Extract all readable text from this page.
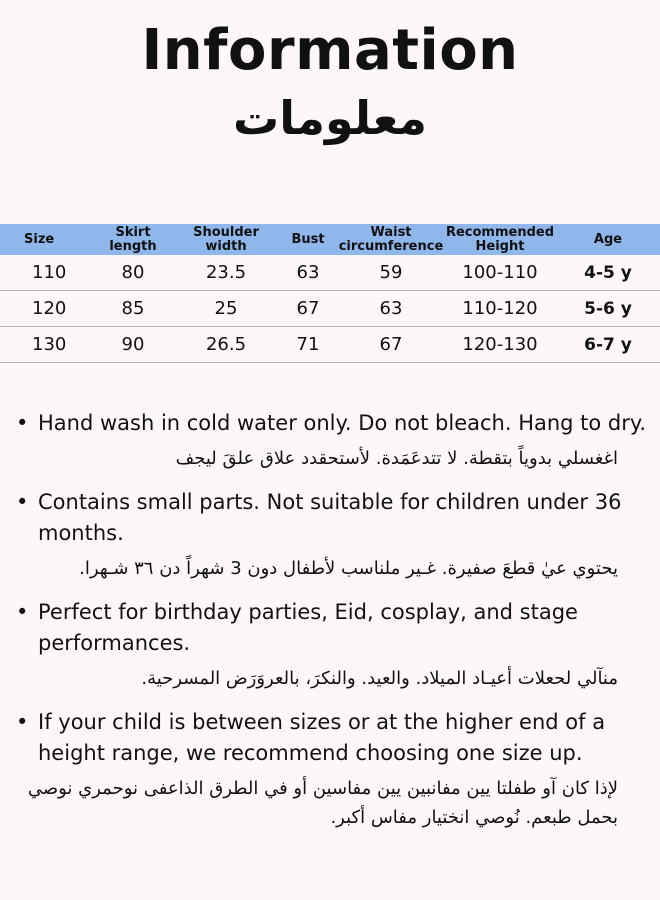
Information
معلومات
Size	Skirt length	Shoulder width	Bust	Waist circumference	Recommended Height	Age
110	80	23.5	63	59	100-110	4-5 y
120	85	25	67	63	110-120	5-6 y
130	90	26.5	71	67	120-130	6-7 y
• Hand wash in cold water only. Do not bleach. Hang to dry.
اغغسلي بدوياً بتقطة. لا تتدعَمَدة. لأستحقدد علاق علقَ ليجف
• Contains small parts. Not suitable for children under 36 months.
يحتوي عيٰ قطعَ صفيرة. غـير ملناسب لأطفال دون 3 شهراً دن ٣٦ شـهرا.
• Perfect for birthday parties, Eid, cosplay, and stage performances.
منآلي لحعلات أعيـاد الميلاد. والعيد. والنكرَ، بالعروَرَض المسرحية.
• If your child is between sizes or at the higher end of a height range, we recommend choosing one size up.
لإذا كان آو طفلتا يين مفانبين يين مفاسين أو في الطرق الذاعفى نوحمري نوصي بحمل طبعم. نُوصي انختيار مفاس أكبر.
